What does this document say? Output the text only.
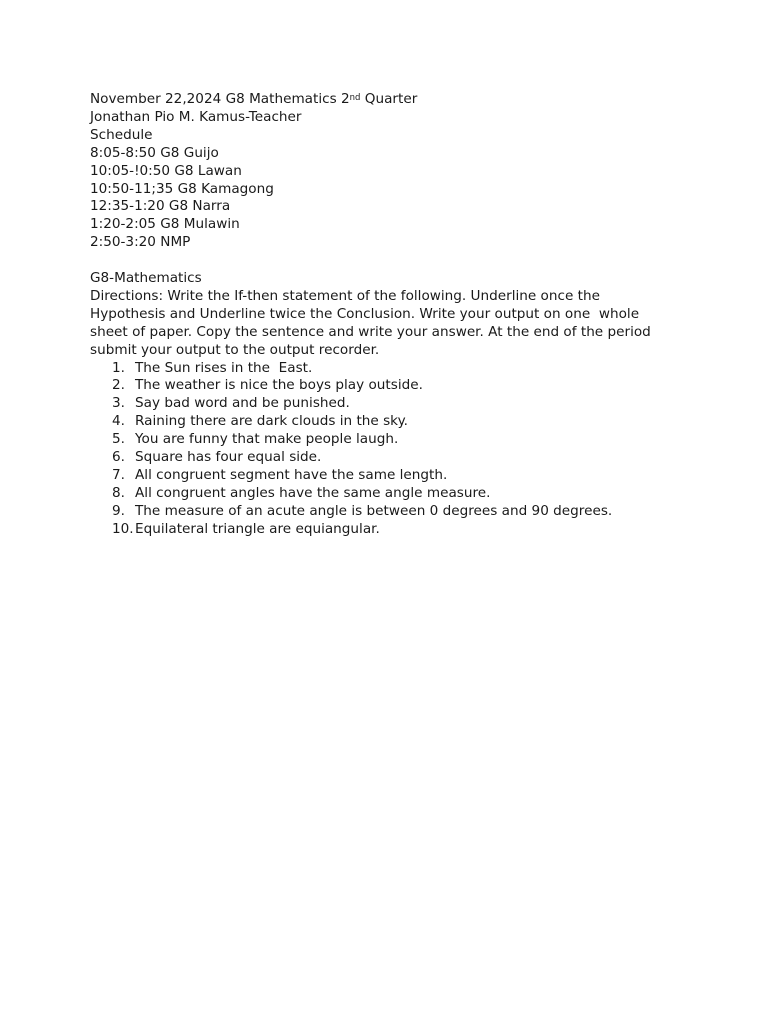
November 22,2024 G8 Mathematics 2nd Quarter
Jonathan Pio M. Kamus-Teacher
Schedule
8:05-8:50 G8 Guijo
10:05-!0:50 G8 Lawan
10:50-11;35 G8 Kamagong
12:35-1:20 G8 Narra
1:20-2:05 G8 Mulawin
2:50-3:20 NMP
G8-Mathematics
Directions: Write the If-then statement of the following. Underline once the
Hypothesis and Underline twice the Conclusion. Write your output on one  whole
sheet of paper. Copy the sentence and write your answer. At the end of the period
submit your output to the output recorder.
1. The Sun rises in the  East.
2. The weather is nice the boys play outside.
3. Say bad word and be punished.
4. Raining there are dark clouds in the sky.
5. You are funny that make people laugh.
6. Square has four equal side.
7. All congruent segment have the same length.
8. All congruent angles have the same angle measure.
9. The measure of an acute angle is between 0 degrees and 90 degrees.
10. Equilateral triangle are equiangular.
